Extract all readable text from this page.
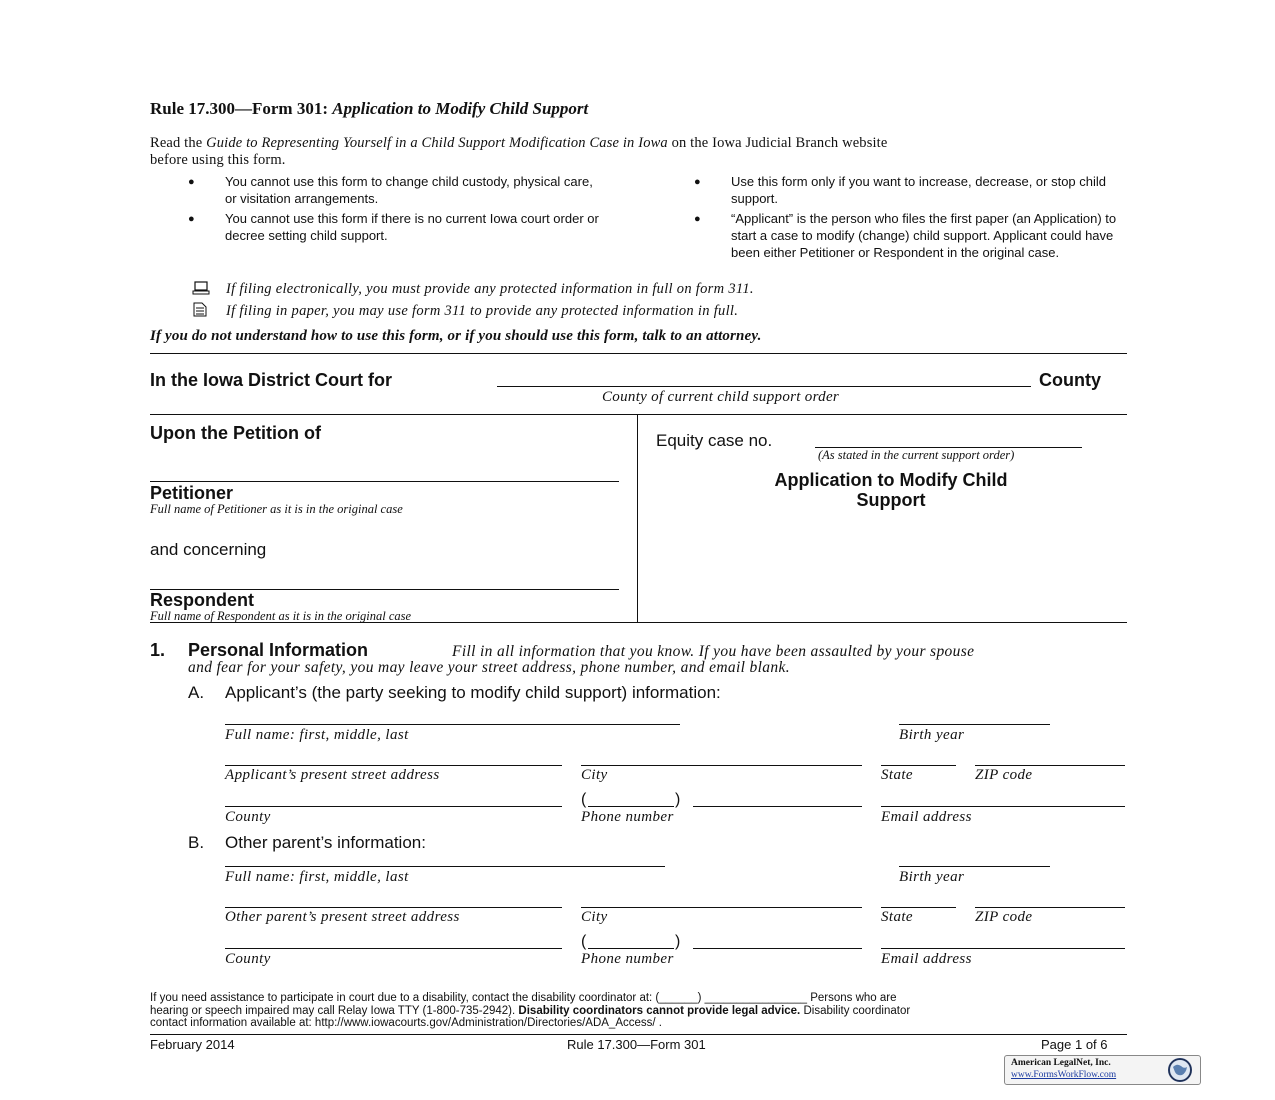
Rule 17.300—Form 301: Application to Modify Child Support
Read the Guide to Representing Yourself in a Child Support Modification Case in Iowa on the Iowa Judicial Branch website
before using this form.
● You cannot use this form to change child custody, physical care, or visitation arrangements.
● You cannot use this form if there is no current Iowa court order or decree setting child support.
● Use this form only if you want to increase, decrease, or stop child support.
● “Applicant” is the person who files the first paper (an Application) to start a case to modify (change) child support. Applicant could have been either Petitioner or Respondent in the original case.
If filing electronically, you must provide any protected information in full on form 311.
If filing in paper, you may use form 311 to provide any protected information in full.
If you do not understand how to use this form, or if you should use this form, talk to an attorney.
In the Iowa District Court for	County
County of current child support order
Upon the Petition of
Petitioner
Full name of Petitioner as it is in the original case
and concerning
Respondent
Full name of Respondent as it is in the original case
Equity case no.
(As stated in the current support order)
Application to Modify Child
Support
1. Personal Information	Fill in all information that you know. If you have been assaulted by your spouse
and fear for your safety, you may leave your street address, phone number, and email blank.
A. Applicant’s (the party seeking to modify child support) information:
Full name: first, middle, last	Birth year
Applicant’s present street address	City	State	ZIP code
(	)
County	Phone number	Email address
B. Other parent’s information:
Full name: first, middle, last	Birth year
Other parent’s present street address	City	State	ZIP code
(	)
County	Phone number	Email address
If you need assistance to participate in court due to a disability, contact the disability coordinator at: (______) ________________ Persons who are
hearing or speech impaired may call Relay Iowa TTY (1-800-735-2942). Disability coordinators cannot provide legal advice. Disability coordinator
contact information available at: http://www.iowacourts.gov/Administration/Directories/ADA_Access/ .
February 2014	Rule 17.300—Form 301	Page 1 of 6
American LegalNet, Inc.
www.FormsWorkFlow.com
